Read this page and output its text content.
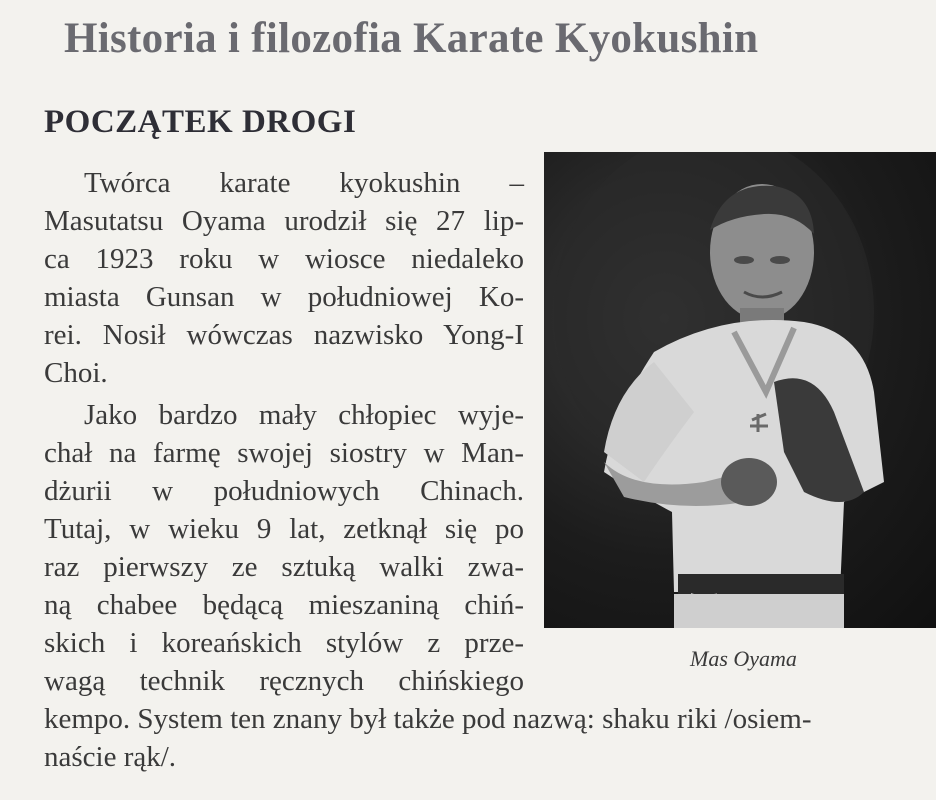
Historia i filozofia Karate Kyokushin
POCZĄTEK DROGI
Twórca karate kyokushin –
Masutatsu Oyama urodził się 27 lip-
ca 1923 roku w wiosce niedaleko
miasta Gunsan w południowej Ko-
rei. Nosił wówczas nazwisko Yong-I
Choi.
Jako bardzo mały chłopiec wyje-
chał na farmę swojej siostry w Man-
dżurii w południowych Chinach.
Tutaj, w wieku 9 lat, zetknął się po
raz pierwszy ze sztuką walki zwa-
ną chabee będącą mieszaniną chiń-
skich i koreańskich stylów z prze-
wagą technik ręcznych chińskiego
kempo. System ten znany był także pod nazwą: shaku riki /osiem-
naście rąk/.
Mas Oyama
